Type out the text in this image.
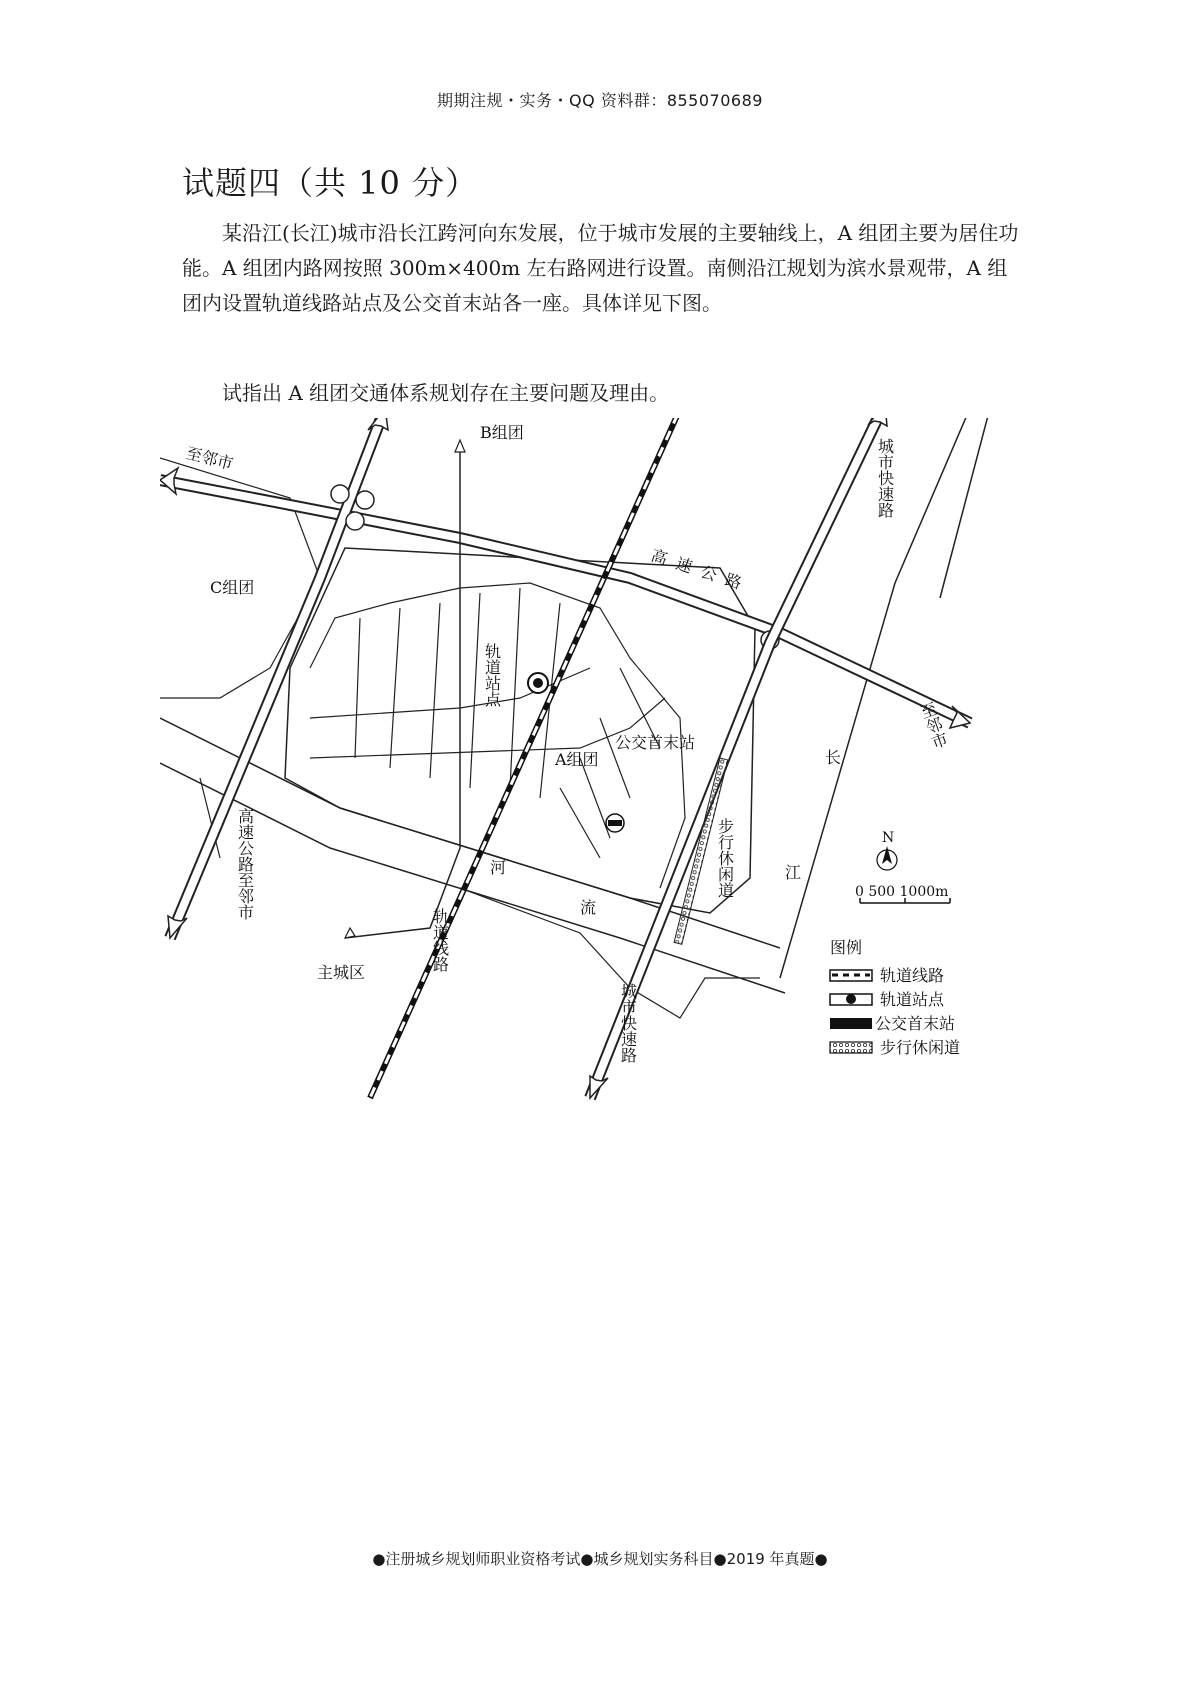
期期注规・实务・QQ 资料群：855070689
试题四（共 10 分）
某沿江(长江)城市沿长江跨河向东发展，位于城市发展的主要轴线上，A 组团主要为居住功能。A 组团内路网按照 300m×400m 左右路网进行设置。南侧沿江规划为滨水景观带，A 组团内设置轨道线路站点及公交首末站各一座。具体详见下图。
试指出 A 组团交通体系规划存在主要问题及理由。
至邻市
B组团
C组团
A组团
高速公路
轨道站点
公交首末站
步行休闲道
城市快速路
城市快速路
高速公路至邻市
至邻市
河
流
长
江
主城区
轨道线路
N
0 500 1000m
图例
轨道线路
轨道站点
公交首末站
步行休闲道
●注册城乡规划师职业资格考试●城乡规划实务科目●2019 年真题●
